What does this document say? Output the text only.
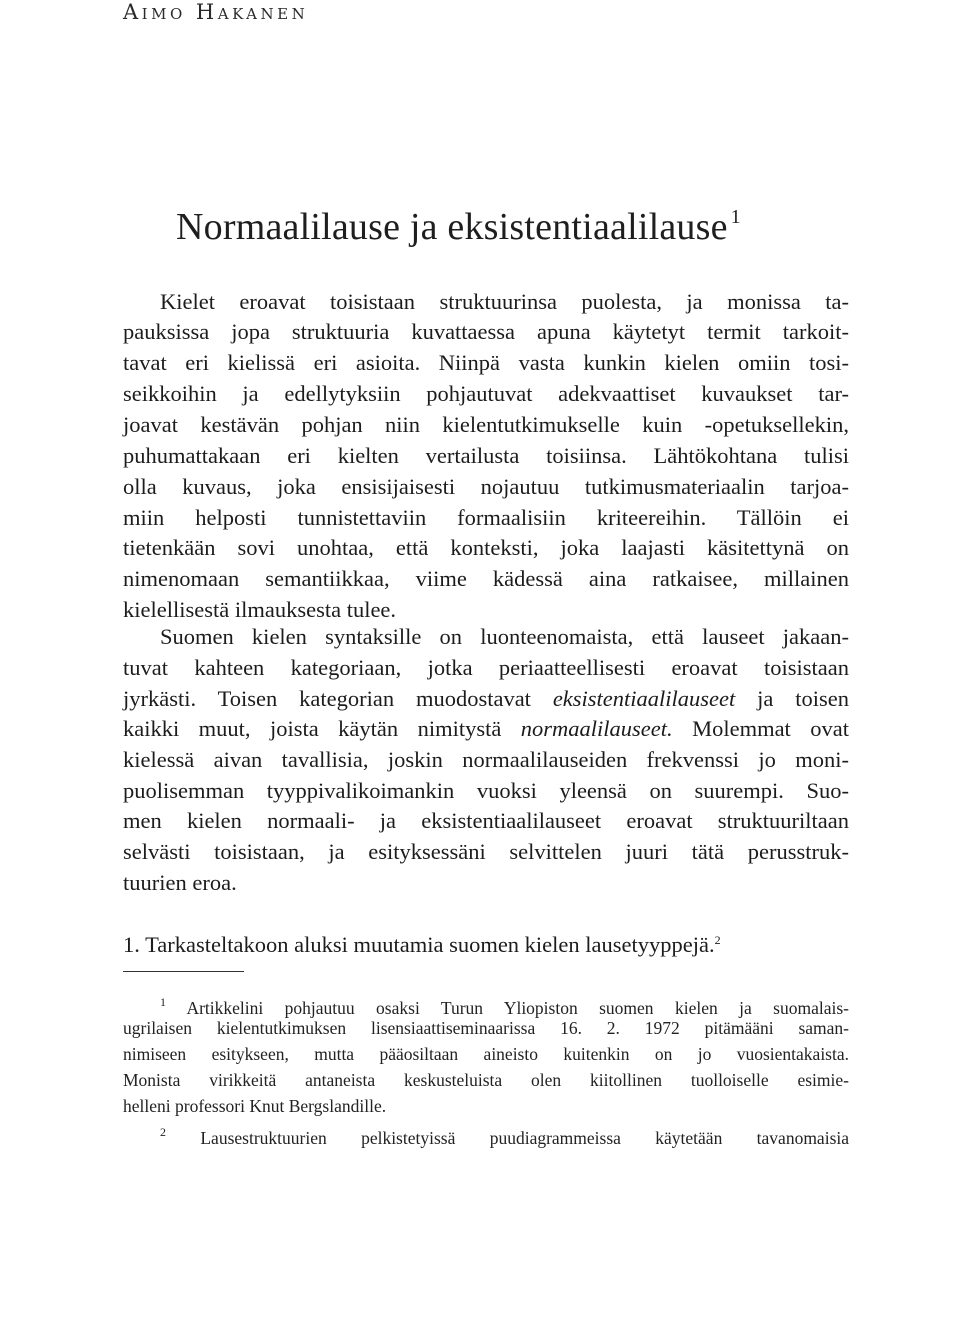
Aimo Hakanen
Normaalilause ja eksistentiaalilause $^1$
Kielet eroavat toisistaan struktuurinsa puolesta, ja monissa ta-
pauksissa jopa struktuuria kuvattaessa apuna käytetyt termit tarkoit-
tavat eri kielissä eri asioita. Niinpä vasta kunkin kielen omiin tosi-
seikkoihin ja edellytyksiin pohjautuvat adekvaattiset kuvaukset tar-
joavat kestävän pohjan niin kielentutkimukselle kuin -opetuksellekin,
puhumattakaan eri kielten vertailusta toisiinsa. Lähtökohtana tulisi
olla kuvaus, joka ensisijaisesti nojautuu tutkimusmateriaalin tarjoa-
miin helposti tunnistettaviin formaalisiin kriteereihin. Tällöin ei
tietenkään sovi unohtaa, että konteksti, joka laajasti käsitettynä on
nimenomaan semantiikkaa, viime kädessä aina ratkaisee, millainen
kielellisestä ilmauksesta tulee.
Suomen kielen syntaksille on luonteenomaista, että lauseet jakaan-
tuvat kahteen kategoriaan, jotka periaatteellisesti eroavat toisistaan
jyrkästi. Toisen kategorian muodostavat eksistentiaalilauseet ja toisen
kaikki muut, joista käytän nimitystä normaalilauseet. Molemmat ovat
kielessä aivan tavallisia, joskin normaalilauseiden frekvenssi jo moni-
puolisemman tyyppivalikoimankin vuoksi yleensä on suurempi. Suo-
men kielen normaali- ja eksistentiaalilauseet eroavat struktuuriltaan
selvästi toisistaan, ja esityksessäni selvittelen juuri tätä perusstruk-
tuurien eroa.
1. Tarkasteltakoon aluksi muutamia suomen kielen lausetyyppejä.$^2$
$^1$ Artikkelini pohjautuu osaksi Turun Yliopiston suomen kielen ja suomalais-
ugrilaisen kielentutkimuksen lisensiaattiseminaarissa 16. 2. 1972 pitämääni saman-
nimiseen esitykseen, mutta pääosiltaan aineisto kuitenkin on jo vuosientakaista.
Monista virikkeitä antaneista keskusteluista olen kiitollinen tuolloiselle esimie-
helleni professori Knut Bergslandille.
$^2$ Lausestruktuurien pelkistetyissä puudiagrammeissa käytetään tavanomaisia
